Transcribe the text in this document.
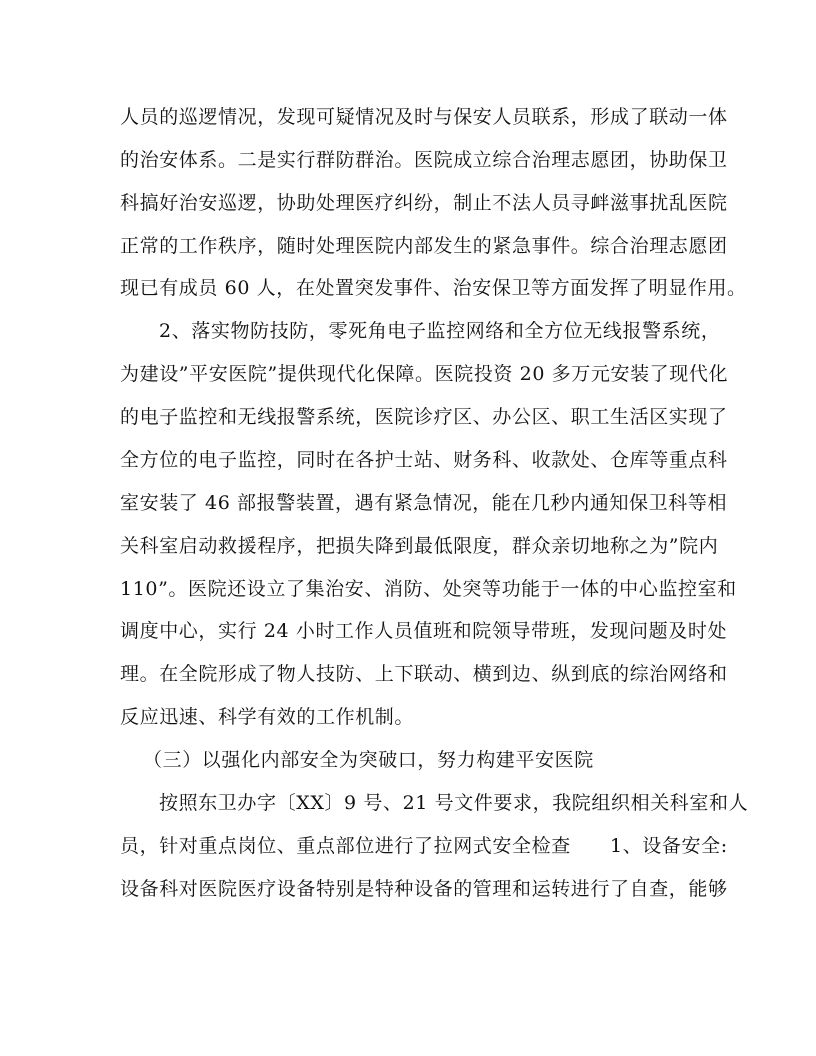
人员的巡逻情况，发现可疑情况及时与保安人员联系，形成了联动一体
的治安体系。二是实行群防群治。医院成立综合治理志愿团，协助保卫
科搞好治安巡逻，协助处理医疗纠纷，制止不法人员寻衅滋事扰乱医院
正常的工作秩序，随时处理医院内部发生的紧急事件。综合治理志愿团
现已有成员 60 人，在处置突发事件、治安保卫等方面发挥了明显作用。
2、落实物防技防，零死角电子监控网络和全方位无线报警系统，
为建设”平安医院”提供现代化保障。医院投资 20 多万元安装了现代化
的电子监控和无线报警系统，医院诊疗区、办公区、职工生活区实现了
全方位的电子监控，同时在各护士站、财务科、收款处、仓库等重点科
室安装了 46 部报警装置，遇有紧急情况，能在几秒内通知保卫科等相
关科室启动救援程序，把损失降到最低限度，群众亲切地称之为”院内
110”。医院还设立了集治安、消防、处突等功能于一体的中心监控室和
调度中心，实行 24 小时工作人员值班和院领导带班，发现问题及时处
理。在全院形成了物人技防、上下联动、横到边、纵到底的综治网络和
反应迅速、科学有效的工作机制。
（三）以强化内部安全为突破口，努力构建平安医院
按照东卫办字〔XX〕9 号、21 号文件要求，我院组织相关科室和人
员，针对重点岗位、重点部位进行了拉网式安全检查　　1、设备安全:
设备科对医院医疗设备特别是特种设备的管理和运转进行了自查，能够
